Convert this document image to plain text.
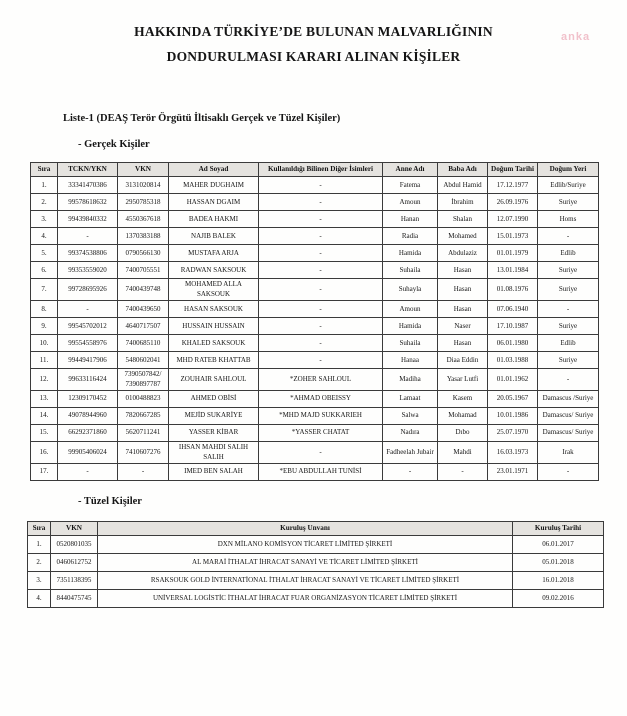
anka
HAKKINDA TÜRKİYE’DE BULUNAN MALVARLIĞININ
DONDURULMASI KARARI ALINAN KİŞİLER
Liste-1 (DEAŞ Terör Örgütü İltisaklı Gerçek ve Tüzel Kişiler)
- Gerçek Kişiler
Sıra	TCKN/YKN	VKN	Ad Soyad	Kullanıldığı Bilinen Diğer İsimleri	Anne Adı	Baba Adı	Doğum Tarihi	Doğum Yeri
1.	33341470386	3131020814	MAHER DUGHAIM	-	Fatema	Abdul Hamid	17.12.1977	Edlib/Suriye
2.	99578618632	2950785318	HASSAN DGAIM	-	Amoun	İbrahim	26.09.1976	Suriye
3.	99439840332	4550367618	BADEA HAKMI	-	Hanan	Shalan	12.07.1990	Homs
4.	-	1370383188	NAJIB BALEK	-	Radia	Mohamed	15.01.1973	-
5.	99374538806	0790566130	MUSTAFA ARJA	-	Hamida	Abdulaziz	01.01.1979	Edlib
6.	99353559020	7400705551	RADWAN SAKSOUK	-	Suhaila	Hasan	13.01.1984	Suriye
7.	99728695926	7400439748	MOHAMED ALLA SAKSOUK	-	Suhayla	Hasan	01.08.1976	Suriye
8.	-	7400439650	HASAN SAKSOUK	-	Amoun	Hasan	07.06.1940	-
9.	99545702012	4640717507	HUSSAIN HUSSAIN	-	Hamida	Naser	17.10.1987	Suriye
10.	99554558976	7400685110	KHALED SAKSOUK	-	Suhaila	Hasan	06.01.1980	Edlib
11.	99449417906	5480602041	MHD RATEB KHATTAB	-	Hanaa	Diaa Eddin	01.03.1988	Suriye
12.	99633116424	7390507842/ 7390897787	ZOUHAIR SAHLOUL	*ZOHER SAHLOUL	Madiha	Yasar Lutfi	01.01.1962	-
13.	12309170452	0100488823	AHMED OBİSİ	*AHMAD OBEISSY	Lamaat	Kasem	20.05.1967	Damascus /Suriye
14.	49078944960	7820667285	MEJİD SUKARİYE	*MHD MAJD SUKKARIEH	Salwa	Mohamad	10.01.1986	Damascus/ Suriye
15.	66292371860	5620711241	YASSER KİBAR	*YASSER CHATAT	Nadıra	Dıbo	25.07.1970	Damascus/ Suriye
16.	99905406024	7410607276	IHSAN MAHDI SALIH SALIH	-	Fadheelah Jubair	Mahdi	16.03.1973	Irak
17.	-	-	IMED BEN SALAH	*EBU ABDULLAH TUNİSİ	-	-	23.01.1971	-
- Tüzel Kişiler
Sıra	VKN	Kuruluş Unvanı	Kuruluş Tarihi
1.	0520801035	DXN MİLANO KOMİSYON TİCARET LİMİTED ŞİRKETİ	06.01.2017
2.	0460612752	AL MARAİ İTHALAT İHRACAT SANAYİ VE TİCARET LİMİTED ŞİRKETİ	05.01.2018
3.	7351138395	RSAKSOUK GOLD İNTERNATİONAL İTHALAT İHRACAT SANAYİ VE TİCARET LİMİTED ŞİRKETİ	16.01.2018
4.	8440475745	UNİVERSAL LOGİSTİC İTHALAT İHRACAT FUAR ORGANİZASYON TİCARET LİMİTED ŞİRKETİ	09.02.2016
